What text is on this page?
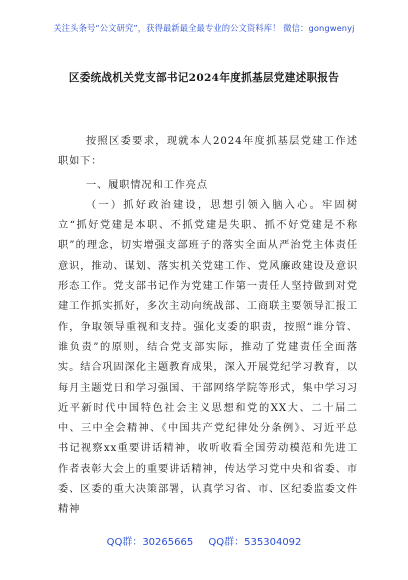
关注头条号“公文研究”，获得最新最全最专业的公文资料库！ 微信：gongwenyj
区委统战机关党支部书记2024年度抓基层党建述职报告

按照区委要求，现就本人2024年度抓基层党建工作述职如下：

一、履职情况和工作亮点

（一）抓好政治建设，思想引领入脑入心。牢固树立“抓好党建是本职、不抓党建是失职、抓不好党建是不称职”的理念，切实增强支部班子的落实全面从严治党主体责任意识，推动、谋划、落实机关党建工作、党风廉政建设及意识形态工作。党支部书记作为党建工作第一责任人坚持做到对党建工作抓实抓好，多次主动向统战部、工商联主要领导汇报工作，争取领导重视和支持。强化支委的职责，按照“谁分管、谁负责”的原则，结合党支部实际，推动了党建责任全面落实。结合巩固深化主题教育成果，深入开展党纪学习教育，以每月主题党日和学习强国、干部网络学院等形式，集中学习习近平新时代中国特色社会主义思想和党的XX大、二十届二中、三中全会精神、《中国共产党纪律处分条例》、习近平总书记视察xx重要讲话精神，收听收看全国劳动模范和先进工作者表彰大会上的重要讲话精神，传达学习党中央和省委、市委、区委的重大决策部署，认真学习省、市、区纪委监委文件精神

QQ群：30265665 QQ群：535304092
